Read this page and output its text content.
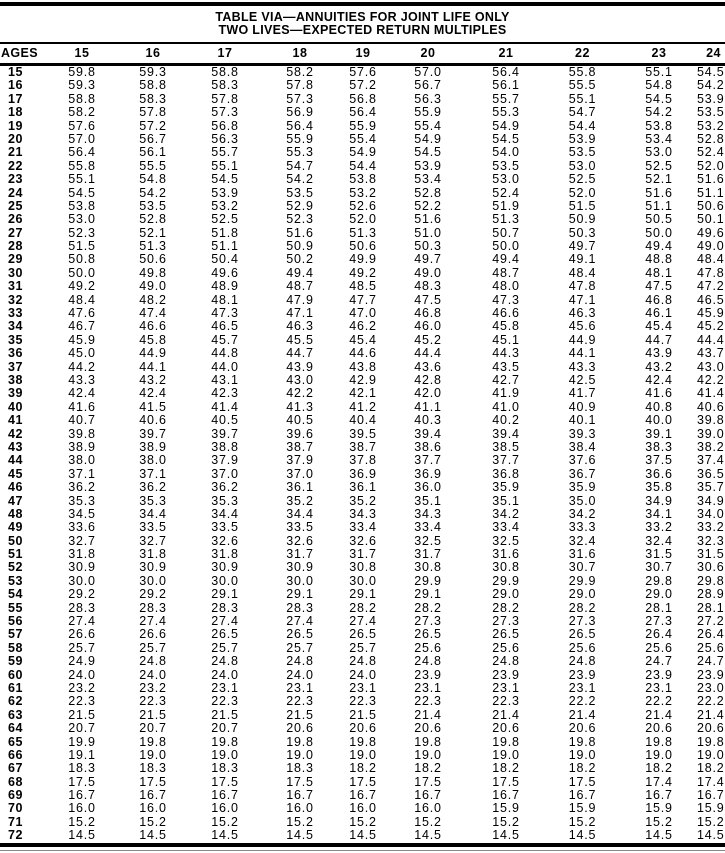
TABLE VIA—ANNUITIES FOR JOINT LIFE ONLY
TWO LIVES—EXPECTED RETURN MULTIPLES
AGES	15	16	17	18	19	20	21	22	23	24
15	59.8	59.3	58.8	58.2	57.6	57.0	56.4	55.8	55.1	54.5
16	59.3	58.8	58.3	57.8	57.2	56.7	56.1	55.5	54.8	54.2
17	58.8	58.3	57.8	57.3	56.8	56.3	55.7	55.1	54.5	53.9
18	58.2	57.8	57.3	56.9	56.4	55.9	55.3	54.7	54.2	53.5
19	57.6	57.2	56.8	56.4	55.9	55.4	54.9	54.4	53.8	53.2
20	57.0	56.7	56.3	55.9	55.4	54.9	54.5	53.9	53.4	52.8
21	56.4	56.1	55.7	55.3	54.9	54.5	54.0	53.5	53.0	52.4
22	55.8	55.5	55.1	54.7	54.4	53.9	53.5	53.0	52.5	52.0
23	55.1	54.8	54.5	54.2	53.8	53.4	53.0	52.5	52.1	51.6
24	54.5	54.2	53.9	53.5	53.2	52.8	52.4	52.0	51.6	51.1
25	53.8	53.5	53.2	52.9	52.6	52.2	51.9	51.5	51.1	50.6
26	53.0	52.8	52.5	52.3	52.0	51.6	51.3	50.9	50.5	50.1
27	52.3	52.1	51.8	51.6	51.3	51.0	50.7	50.3	50.0	49.6
28	51.5	51.3	51.1	50.9	50.6	50.3	50.0	49.7	49.4	49.0
29	50.8	50.6	50.4	50.2	49.9	49.7	49.4	49.1	48.8	48.4
30	50.0	49.8	49.6	49.4	49.2	49.0	48.7	48.4	48.1	47.8
31	49.2	49.0	48.9	48.7	48.5	48.3	48.0	47.8	47.5	47.2
32	48.4	48.2	48.1	47.9	47.7	47.5	47.3	47.1	46.8	46.5
33	47.6	47.4	47.3	47.1	47.0	46.8	46.6	46.3	46.1	45.9
34	46.7	46.6	46.5	46.3	46.2	46.0	45.8	45.6	45.4	45.2
35	45.9	45.8	45.7	45.5	45.4	45.2	45.1	44.9	44.7	44.4
36	45.0	44.9	44.8	44.7	44.6	44.4	44.3	44.1	43.9	43.7
37	44.2	44.1	44.0	43.9	43.8	43.6	43.5	43.3	43.2	43.0
38	43.3	43.2	43.1	43.0	42.9	42.8	42.7	42.5	42.4	42.2
39	42.4	42.4	42.3	42.2	42.1	42.0	41.9	41.7	41.6	41.4
40	41.6	41.5	41.4	41.3	41.2	41.1	41.0	40.9	40.8	40.6
41	40.7	40.6	40.5	40.5	40.4	40.3	40.2	40.1	40.0	39.8
42	39.8	39.7	39.7	39.6	39.5	39.4	39.4	39.3	39.1	39.0
43	38.9	38.9	38.8	38.7	38.7	38.6	38.5	38.4	38.3	38.2
44	38.0	38.0	37.9	37.9	37.8	37.7	37.7	37.6	37.5	37.4
45	37.1	37.1	37.0	37.0	36.9	36.9	36.8	36.7	36.6	36.5
46	36.2	36.2	36.2	36.1	36.1	36.0	35.9	35.9	35.8	35.7
47	35.3	35.3	35.3	35.2	35.2	35.1	35.1	35.0	34.9	34.9
48	34.5	34.4	34.4	34.4	34.3	34.3	34.2	34.2	34.1	34.0
49	33.6	33.5	33.5	33.5	33.4	33.4	33.4	33.3	33.2	33.2
50	32.7	32.7	32.6	32.6	32.6	32.5	32.5	32.4	32.4	32.3
51	31.8	31.8	31.8	31.7	31.7	31.7	31.6	31.6	31.5	31.5
52	30.9	30.9	30.9	30.9	30.8	30.8	30.8	30.7	30.7	30.6
53	30.0	30.0	30.0	30.0	30.0	29.9	29.9	29.9	29.8	29.8
54	29.2	29.2	29.1	29.1	29.1	29.1	29.0	29.0	29.0	28.9
55	28.3	28.3	28.3	28.3	28.2	28.2	28.2	28.2	28.1	28.1
56	27.4	27.4	27.4	27.4	27.4	27.3	27.3	27.3	27.3	27.2
57	26.6	26.6	26.5	26.5	26.5	26.5	26.5	26.5	26.4	26.4
58	25.7	25.7	25.7	25.7	25.7	25.6	25.6	25.6	25.6	25.6
59	24.9	24.8	24.8	24.8	24.8	24.8	24.8	24.8	24.7	24.7
60	24.0	24.0	24.0	24.0	24.0	23.9	23.9	23.9	23.9	23.9
61	23.2	23.2	23.1	23.1	23.1	23.1	23.1	23.1	23.1	23.0
62	22.3	22.3	22.3	22.3	22.3	22.3	22.3	22.2	22.2	22.2
63	21.5	21.5	21.5	21.5	21.5	21.4	21.4	21.4	21.4	21.4
64	20.7	20.7	20.7	20.6	20.6	20.6	20.6	20.6	20.6	20.6
65	19.9	19.8	19.8	19.8	19.8	19.8	19.8	19.8	19.8	19.8
66	19.1	19.0	19.0	19.0	19.0	19.0	19.0	19.0	19.0	19.0
67	18.3	18.3	18.3	18.3	18.2	18.2	18.2	18.2	18.2	18.2
68	17.5	17.5	17.5	17.5	17.5	17.5	17.5	17.5	17.4	17.4
69	16.7	16.7	16.7	16.7	16.7	16.7	16.7	16.7	16.7	16.7
70	16.0	16.0	16.0	16.0	16.0	16.0	15.9	15.9	15.9	15.9
71	15.2	15.2	15.2	15.2	15.2	15.2	15.2	15.2	15.2	15.2
72	14.5	14.5	14.5	14.5	14.5	14.5	14.5	14.5	14.5	14.5
